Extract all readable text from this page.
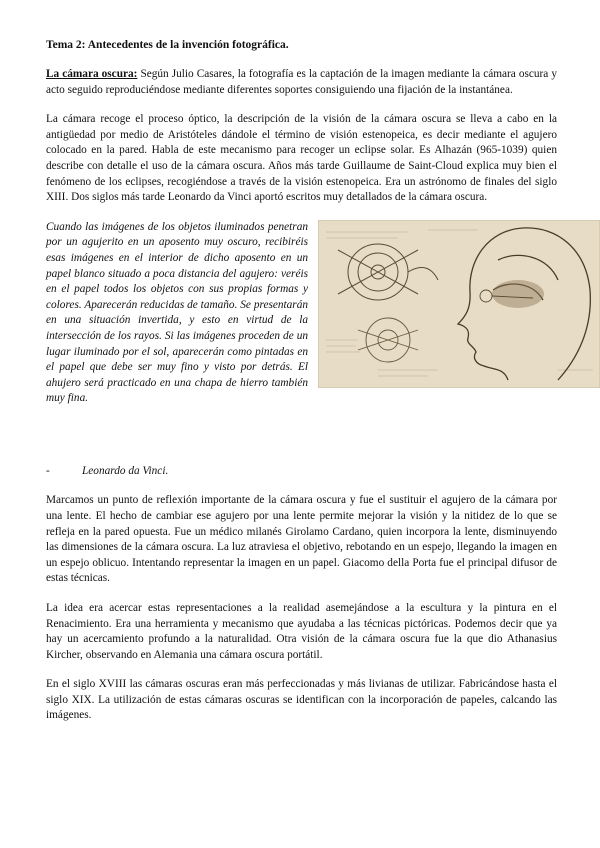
Tema 2: Antecedentes de la invención fotográfica.

La cámara oscura: Según Julio Casares, la fotografía es la captación de la imagen mediante la cámara oscura y acto seguido reproduciéndose mediante diferentes soportes consiguiendo una fijación de la instantánea.

La cámara recoge el proceso óptico, la descripción de la visión de la cámara oscura se lleva a cabo en la antigüedad por medio de Aristóteles dándole el término de visión estenopeica, es decir mediante el agujero colocado en la pared. Habla de este mecanismo para recoger un eclipse solar. Es Alhazán (965-1039) quien describe con detalle el uso de la cámara oscura. Años más tarde Guillaume de Saint-Cloud explica muy bien el fenómeno de los eclipses, recogiéndose a través de la visión estenopeica. Era un astrónomo de finales del siglo XIII. Dos siglos más tarde Leonardo da Vinci aportó escritos muy detallados de la cámara oscura.

Cuando las imágenes de los objetos iluminados penetran por un agujerito en un aposento muy oscuro, recibiréis esas imágenes en el interior de dicho aposento en un papel blanco situado a poca distancia del agujero: veréis en el papel todos los objetos con sus propias formas y colores. Aparecerán reducidas de tamaño. Se presentarán en una situación invertida, y esto en virtud de la intersección de los rayos. Si las imágenes proceden de un lugar iluminado por el sol, aparecerán como pintadas en el papel que debe ser muy fino y visto por detrás. El ahujero será practicado en una chapa de hierro también muy fina.
-	Leonardo da Vinci.

Marcamos un punto de reflexión importante de la cámara oscura y fue el sustituir el agujero de la cámara por una lente. El hecho de cambiar ese agujero por una lente permite mejorar la visión y la nitidez de lo que se refleja en la pared opuesta. Fue un médico milanés Girolamo Cardano, quien incorpora la lente, disminuyendo las dimensiones de la cámara oscura. La luz atraviesa el objetivo, rebotando en un espejo, llegando la imagen en un espejo oblicuo. Intentando representar la imagen en un papel. Giacomo della Porta fue el principal difusor de estas técnicas.

La idea era acercar estas representaciones a la realidad asemejándose a la escultura y la pintura en el Renacimiento. Era una herramienta y mecanismo que ayudaba a las técnicas pictóricas. Podemos decir que ya hay un acercamiento profundo a la naturalidad. Otra visión de la cámara oscura fue la que dio Athanasius Kircher, observando en Alemania una cámara oscura portátil.

En el siglo XVIII las cámaras oscuras eran más perfeccionadas y más livianas de utilizar. Fabricándose hasta el siglo XIX. La utilización de estas cámaras oscuras se identifican con la incorporación de papeles, calcando las imágenes.
